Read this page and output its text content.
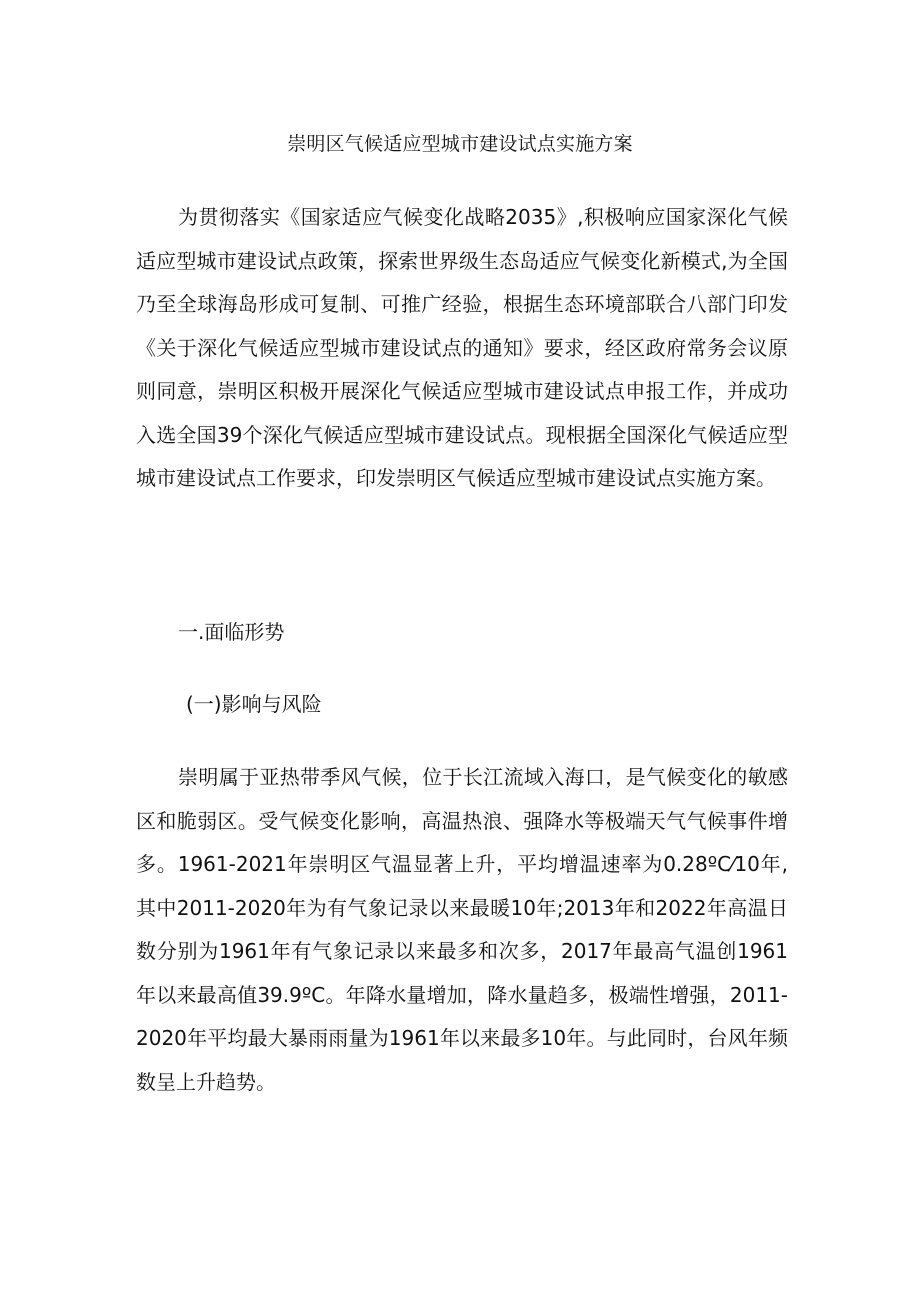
崇明区气候适应型城市建设试点实施方案

为贯彻落实《国家适应气候变化战略2035》,积极响应国家深化气候适应型城市建设试点政策，探索世界级生态岛适应气候变化新模式,为全国乃至全球海岛形成可复制、可推广经验，根据生态环境部联合八部门印发《关于深化气候适应型城市建设试点的通知》要求，经区政府常务会议原则同意，崇明区积极开展深化气候适应型城市建设试点申报工作，并成功入选全国39个深化气候适应型城市建设试点。现根据全国深化气候适应型城市建设试点工作要求，印发崇明区气候适应型城市建设试点实施方案。

一.面临形势
(一)影响与风险

崇明属于亚热带季风气候，位于长江流域入海口，是气候变化的敏感区和脆弱区。受气候变化影响，高温热浪、强降水等极端天气气候事件增多。1961-2021年崇明区气温显著上升，平均增温速率为0.28ºC⁄10年,其中2011-2020年为有气象记录以来最暖10年;2013年和2022年高温日数分别为1961年有气象记录以来最多和次多，2017年最高气温创1961年以来最高值39.9ºC。年降水量增加，降水量趋多，极端性增强，2011-2020年平均最大暴雨雨量为1961年以来最多10年。与此同时，台风年频数呈上升趋势。
